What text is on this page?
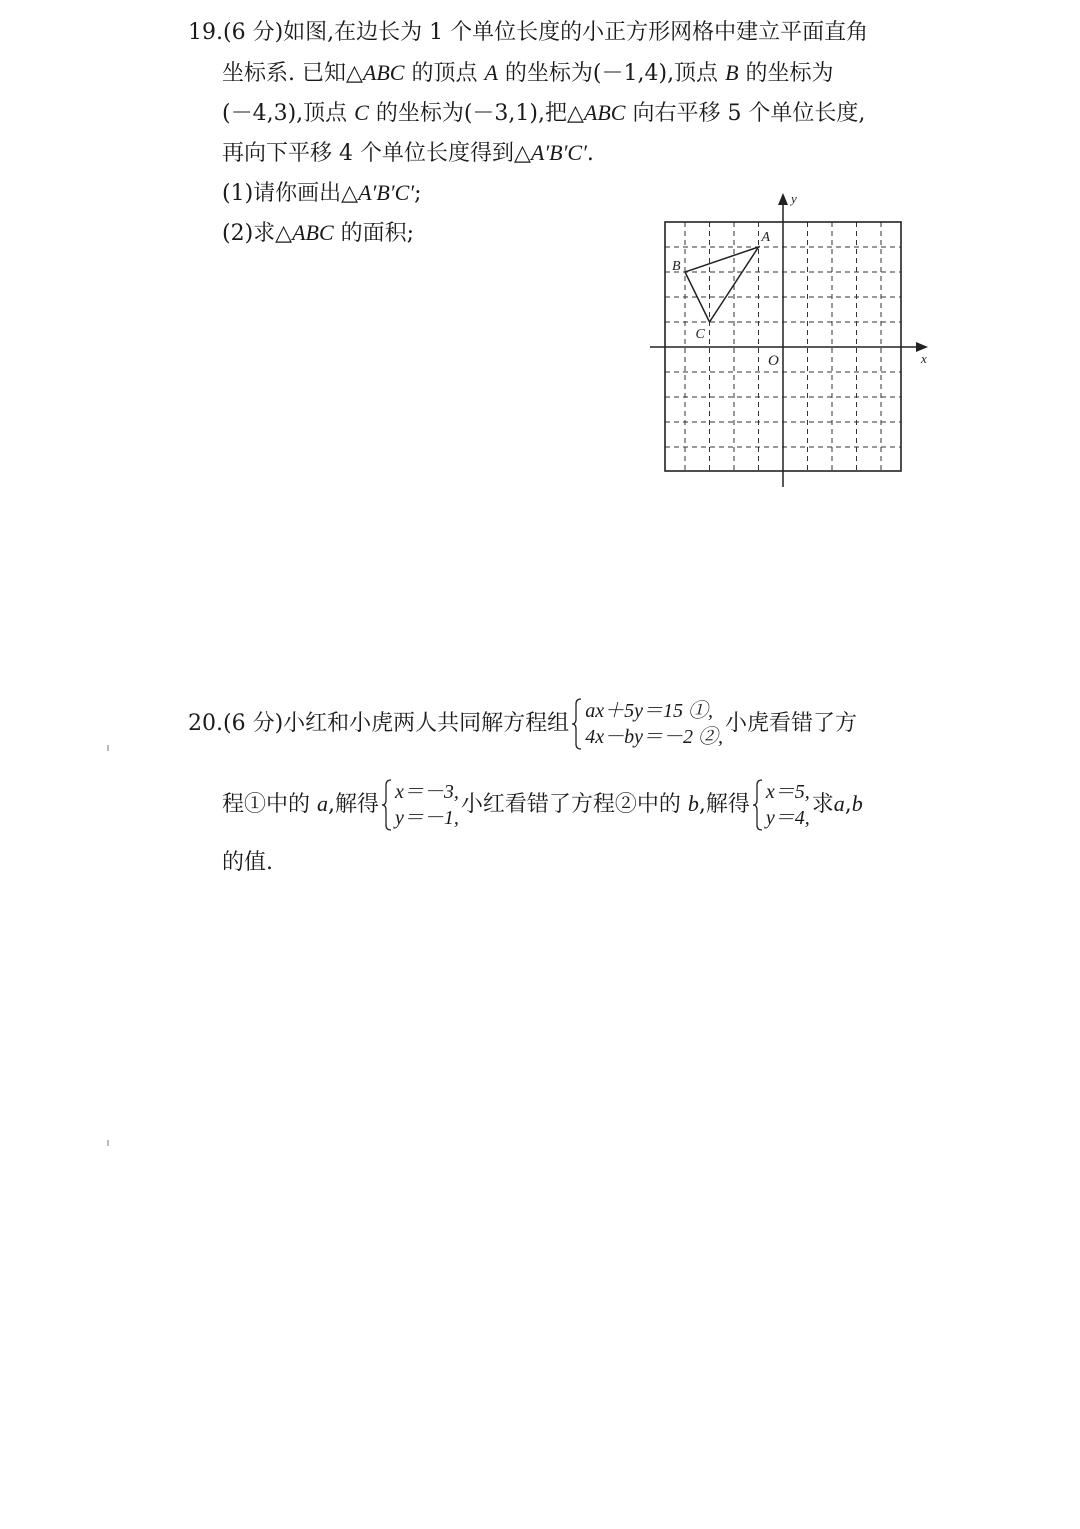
19.(6 分)如图,在边长为 1 个单位长度的小正方形网格中建立平面直角
坐标系. 已知△ABC 的顶点 A 的坐标为(－1,4),顶点 B 的坐标为
(－4,3),顶点 C 的坐标为(－3,1),把△ABC 向右平移 5 个单位长度,
再向下平移 4 个单位长度得到△A′B′C′.
(1)请你画出△A′B′C′;
(2)求△ABC 的面积;
x
y
O
A
B
C
20.(6 分)小红和小虎两人共同解方程组 ax＋5y＝15 ①,
4x－by＝－2 ②,
小虎看错了方
程①中的 a,解得 x＝－3,
y＝－1,
小红看错了方程②中的 b,解得 x＝5,
y＝4,
求a,b
的值.
